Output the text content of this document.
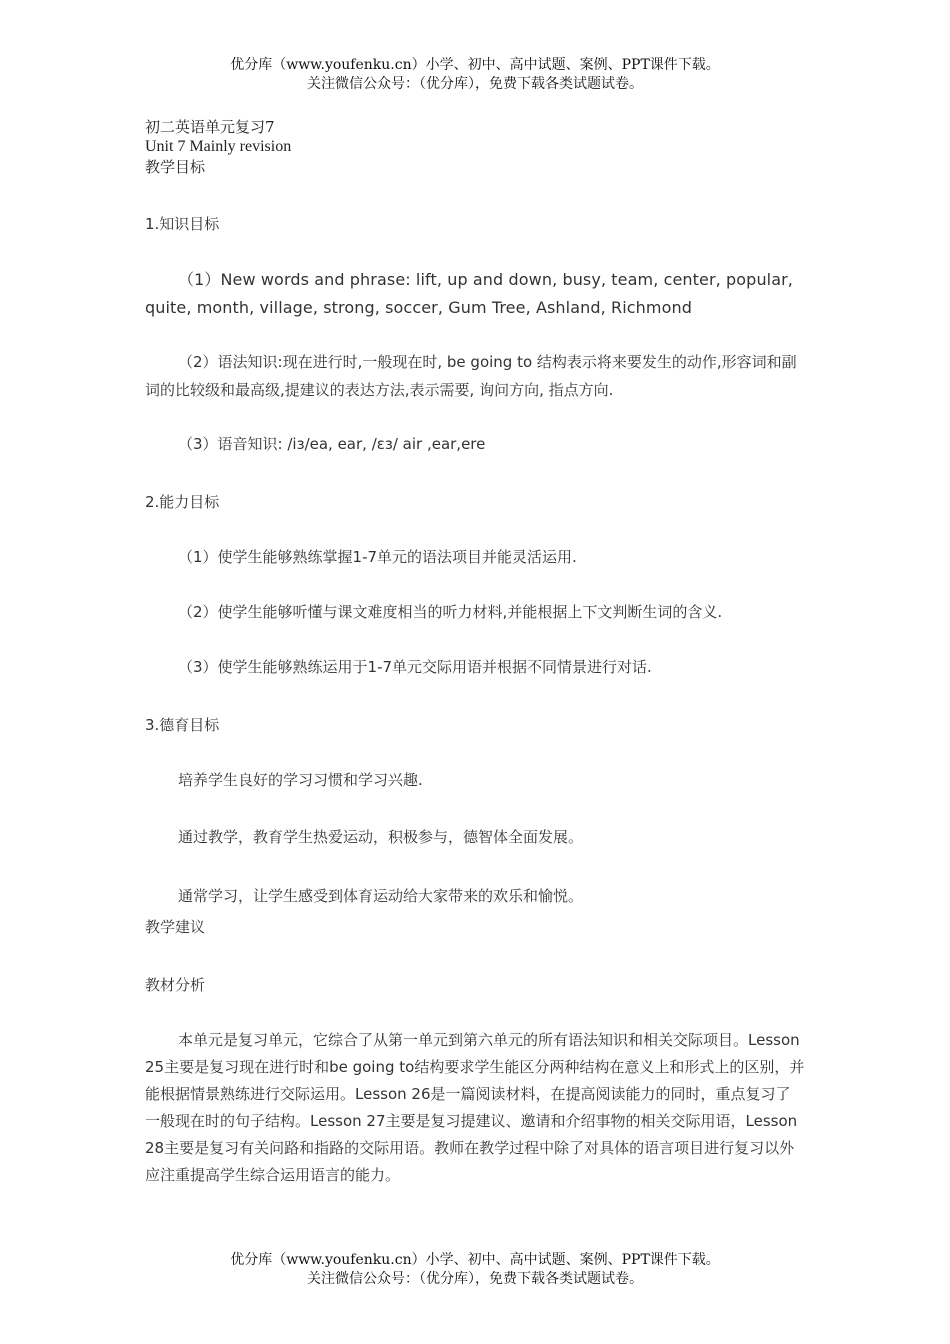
优分库（www.youfenku.cn）小学、初中、高中试题、案例、PPT课件下载。
关注微信公众号：（优分库），免费下载各类试题试卷。
初二英语单元复习7
Unit 7 Mainly revision
教学目标
1.知识目标
（1）New words and phrase: lift, up and down, busy, team, center, popular, quite, month, village, strong, soccer, Gum Tree, Ashland, Richmond
（2）语法知识:现在进行时,一般现在时, be going to 结构表示将来要发生的动作,形容词和副词的比较级和最高级,提建议的表达方法,表示需要, 询问方向, 指点方向.
（3）语音知识: /iз/ea, ear, /εз/ air ,ear,ere
2.能力目标
（1）使学生能够熟练掌握1-7单元的语法项目并能灵活运用.
（2）使学生能够听懂与课文难度相当的听力材料,并能根据上下文判断生词的含义.
（3）使学生能够熟练运用于1-7单元交际用语并根据不同情景进行对话.
3.德育目标
培养学生良好的学习习惯和学习兴趣.
通过教学，教育学生热爱运动，积极参与，德智体全面发展。
通常学习，让学生感受到体育运动给大家带来的欢乐和愉悦。
教学建议
教材分析
本单元是复习单元，它综合了从第一单元到第六单元的所有语法知识和相关交际项目。Lesson 25主要是复习现在进行时和be going to结构要求学生能区分两种结构在意义上和形式上的区别，并能根据情景熟练进行交际运用。Lesson 26是一篇阅读材料，在提高阅读能力的同时，重点复习了一般现在时的句子结构。Lesson 27主要是复习提建议、邀请和介绍事物的相关交际用语，Lesson 28主要是复习有关问路和指路的交际用语。教师在教学过程中除了对具体的语言项目进行复习以外应注重提高学生综合运用语言的能力。
优分库（www.youfenku.cn）小学、初中、高中试题、案例、PPT课件下载。
关注微信公众号：（优分库），免费下载各类试题试卷。
